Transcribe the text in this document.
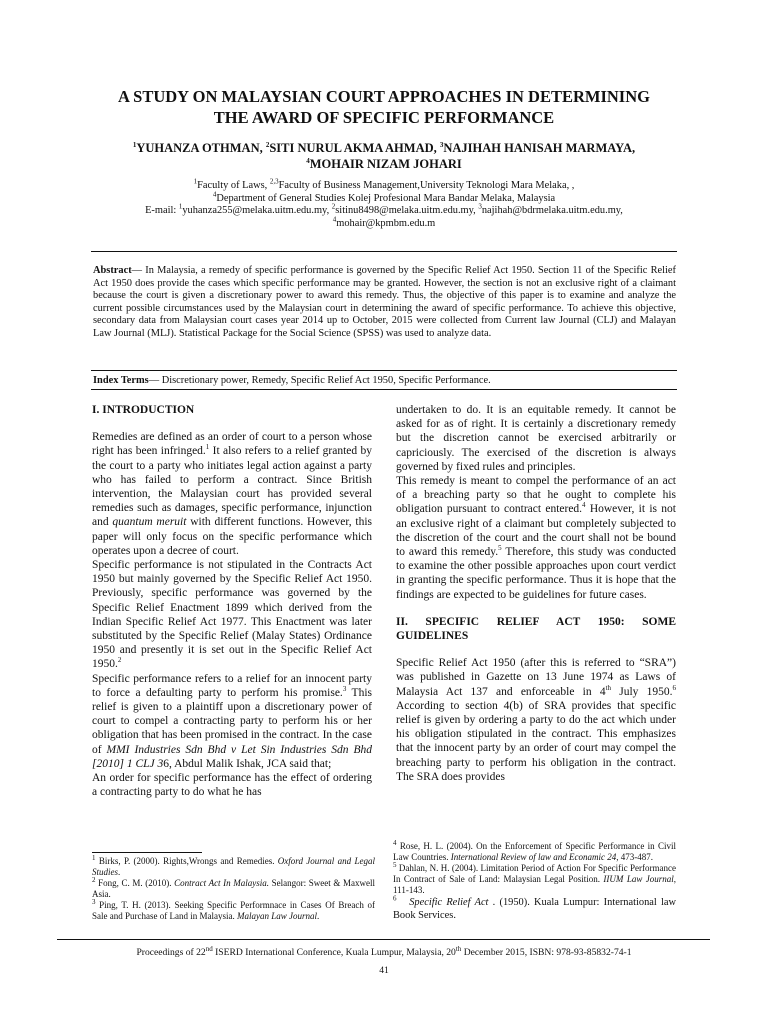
A STUDY ON MALAYSIAN COURT APPROACHES IN DETERMINING
THE AWARD OF SPECIFIC PERFORMANCE
$^1$YUHANZA OTHMAN, $^2$SITI NURUL AKMA AHMAD, $^3$NAJIHAH HANISAH MARMAYA,
$^4$MOHAIR NIZAM JOHARI
$^1$Faculty of Laws, $^{2,3}$Faculty of Business Management,University Teknologi Mara Melaka, ,
$^4$Department of General Studies Kolej Profesional Mara Bandar Melaka, Malaysia
E-mail: $^1$yuhanza255@melaka.uitm.edu.my, $^2$sitinu8498@melaka.uitm.edu.my, $^3$najihah@bdrmelaka.uitm.edu.my,
$^4$mohair@kpmbm.edu.m
Abstract— In Malaysia, a remedy of specific performance is governed by the Specific Relief Act 1950. Section 11 of the Specific Relief Act 1950 does provide the cases which specific performance may be granted. However, the section is not an exclusive right of a claimant because the court is given a discretionary power to award this remedy. Thus, the objective of this paper is to examine and analyze the current possible circumstances used by the Malaysian court in determining the award of specific performance. To achieve this objective, secondary data from Malaysian court cases year 2014 up to October, 2015 were collected from Current law Journal (CLJ) and Malayan Law Journal (MLJ). Statistical Package for the Social Science (SPSS) was used to analyze data.
Index Terms— Discretionary power, Remedy, Specific Relief Act 1950, Specific Performance.

I. INTRODUCTION

Remedies are defined as an order of court to a person whose right has been infringed.$^1$ It also refers to a relief granted by the court to a party who initiates legal action against a party who has failed to perform a contract. Since British intervention, the Malaysian court has provided several remedies such as damages, specific performance, injunction and quantum meruit with different functions. However, this paper will only focus on the specific performance which operates upon a decree of court.

Specific performance is not stipulated in the Contracts Act 1950 but mainly governed by the Specific Relief Act 1950. Previously, specific performance was governed by the Specific Relief Enactment 1899 which derived from the Indian Specific Relief Act 1977. This Enactment was later substituted by the Specific Relief (Malay States) Ordinance 1950 and presently it is set out in the Specific Relief Act 1950.$^2$

Specific performance refers to a relief for an innocent party to force a defaulting party to perform his promise.$^3$ This relief is given to a plaintiff upon a discretionary power of court to compel a contracting party to perform his or her obligation that has been promised in the contract. In the case of MMI Industries Sdn Bhd v Let Sin Industries Sdn Bhd [2010] 1 CLJ 36, Abdul Malik Ishak, JCA said that;

An order for specific performance has the effect of ordering a contracting party to do what he has

undertaken to do. It is an equitable remedy. It cannot be asked for as of right. It is certainly a discretionary remedy but the discretion cannot be exercised arbitrarily or capriciously. The exercised of the discretion is always governed by fixed rules and principles.

This remedy is meant to compel the performance of an act of a breaching party so that he ought to complete his obligation pursuant to contract entered.$^4$ However, it is not an exclusive right of a claimant but completely subjected to the discretion of the court and the court shall not be bound to award this remedy.$^5$ Therefore, this study was conducted to examine the other possible approaches upon court verdict in granting the specific performance. Thus it is hope that the findings are expected to be guidelines for future cases.

II. SPECIFIC RELIEF ACT 1950: SOME GUIDELINES

Specific Relief Act 1950 (after this is referred to “SRA”) was published in Gazette on 13 June 1974 as Laws of Malaysia Act 137 and enforceable in 4th July 1950.$^6$ According to section 4(b) of SRA provides that specific relief is given by ordering a party to do the act which under his obligation stipulated in the contract. This emphasizes that the innocent party by an order of court may compel the breaching party to perform his obligation in the contract. The SRA does provides

$^1$ Birks, P. (2000). Rights,Wrongs and Remedies. Oxford Journal and Legal Studies.

$^2$ Fong, C. M. (2010). Contract Act In Malaysia. Selangor: Sweet & Maxwell Asia.

$^3$ Ping, T. H. (2013). Seeking Specific Performnace in Cases Of Breach of Sale and Purchase of Land in Malaysia. Malayan Law Journal.

$^4$ Rose, H. L. (2004). On the Enforcement of Specific Performance in Civil Law Countries. International Review of law and Econamic 24, 473-487.

$^5$ Dahlan, N. H. (2004). Limitation Period of Action For Specific Performance In Contract of Sale of Land: Malaysian Legal Position. IIUM Law Journal, 111-143.

$^6$ Specific Relief Act . (1950). Kuala Lumpur: International law Book Services.

Proceedings of 22nd ISERD International Conference, Kuala Lumpur, Malaysia, 20th December 2015, ISBN: 978-93-85832-74-1
41
